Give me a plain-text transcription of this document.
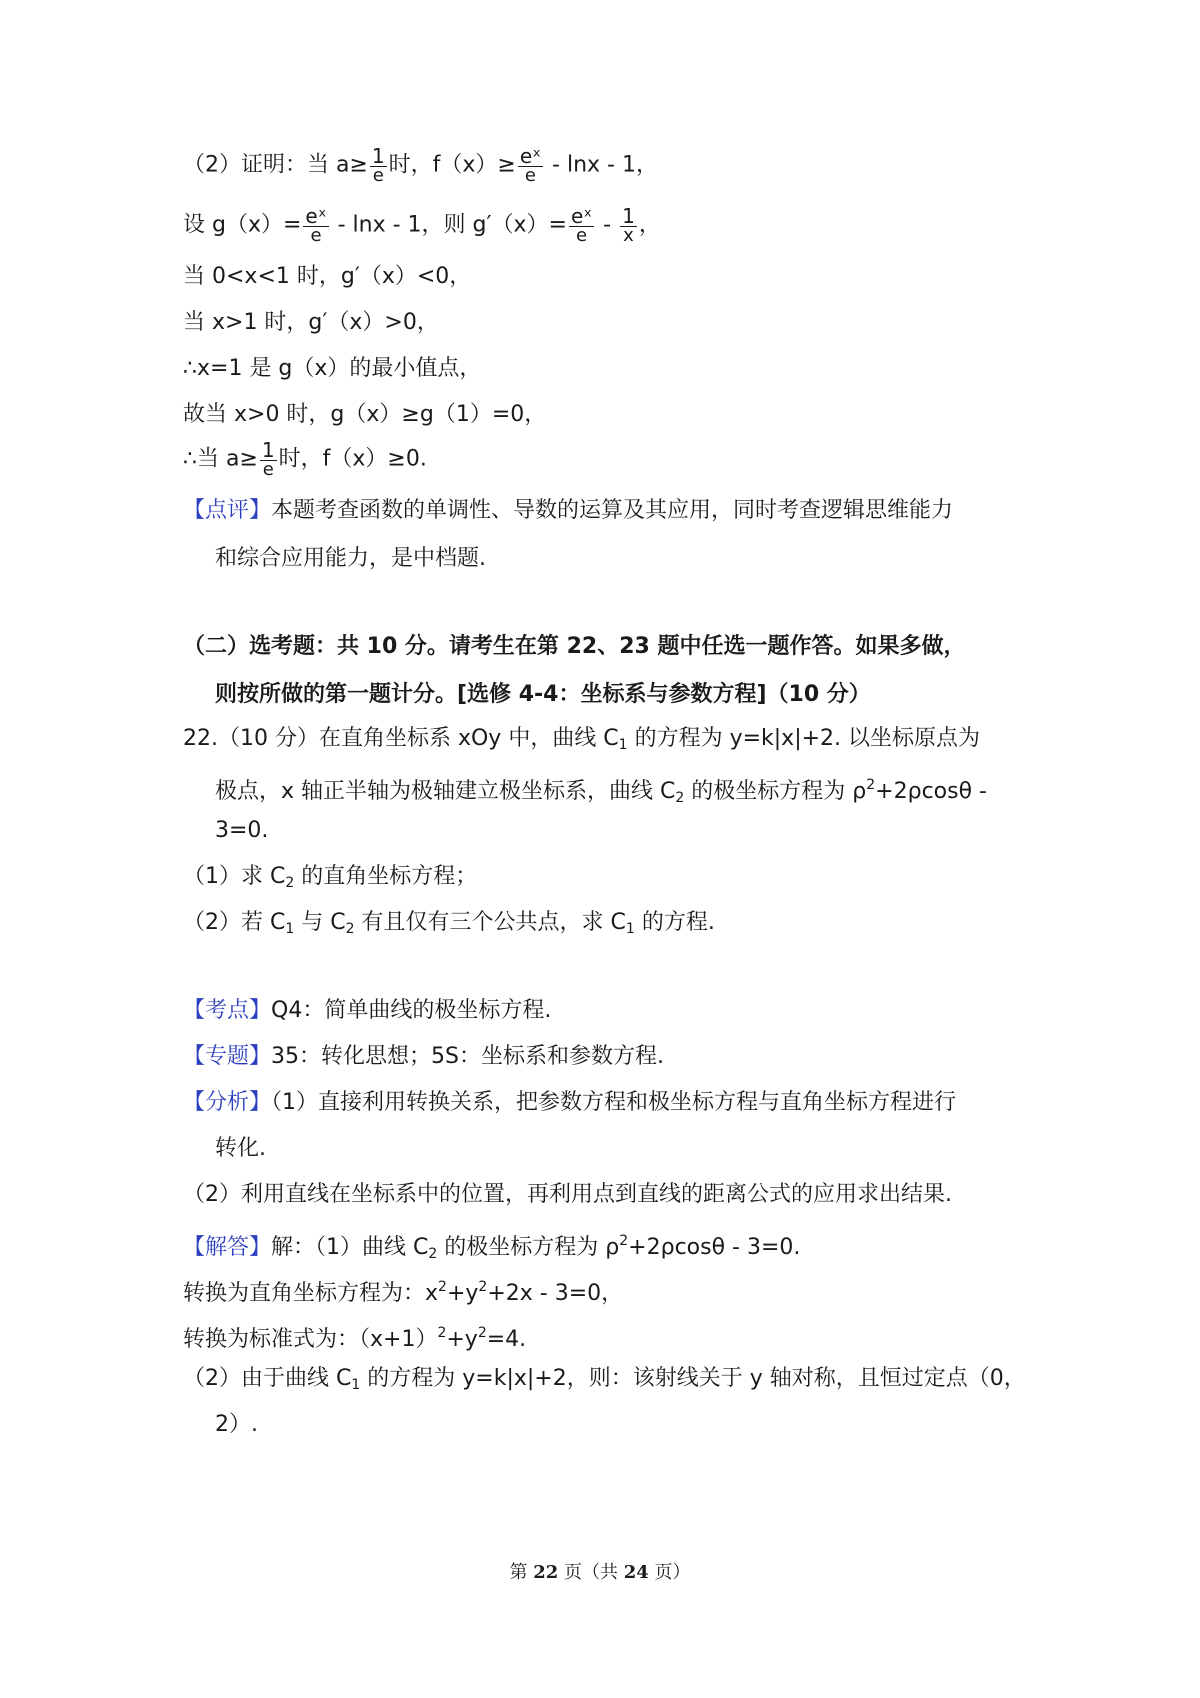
（2）证明：当 $a\ge \frac{1}{e}$ 时，$f(x)\ge \frac{\text{eˣ}}{e} - \ln x - 1$，
设 $g(x)= \frac{\text{eˣ}}{e} - \ln x - 1$，则 $g'(x)= \frac{\text{eˣ}}{e} - \frac{1}{x}$ ，
当 0<x<1 时，g′（x）<0，
当 x>1 时，g′（x）>0，
∴x=1 是 g（x）的最小值点，
故当 x>0 时，g（x）≥g（1）=0，
∴当 $a\ge \frac{1}{e}$ 时，f（x）≥0.
【点评】本题考查函数的单调性、导数的运算及其应用，同时考查逻辑思维能力
和综合应用能力，是中档题.
（二）选考题：共 10 分。请考生在第 22、23 题中任选一题作答。如果多做，
则按所做的第一题计分。[选修 4-4：坐标系与参数方程]（10 分）
22.（10 分）在直角坐标系 xOy 中，曲线 $C_1$ 的方程为 y=k|x|+2. 以坐标原点为
极点，x 轴正半轴为极轴建立极坐标系，曲线 $C_2$ 的极坐标方程为 $\rho^2+2\rho\cos\theta$ -
3=0.
（1）求 $C_2$ 的直角坐标方程；
（2）若 $C_1$ 与 $C_2$ 有且仅有三个公共点，求 $C_1$ 的方程.
【考点】Q4：简单曲线的极坐标方程.
【专题】35：转化思想；5S：坐标系和参数方程.
【分析】（1）直接利用转换关系，把参数方程和极坐标方程与直角坐标方程进行
转化.
（2）利用直线在坐标系中的位置，再利用点到直线的距离公式的应用求出结果.
【解答】解：（1）曲线 $C_2$ 的极坐标方程为 $\rho^2+2\rho\cos\theta - 3=0$.
转换为直角坐标方程为：$x^2+y^2+2x - 3=0$，
转换为标准式为：$(x+1)^2+y^2=4$.
（2）由于曲线 $C_1$ 的方程为 y=k|x|+2，则：该射线关于 y 轴对称，且恒过定点（0，
2）.
第 22 页（共 24 页）
